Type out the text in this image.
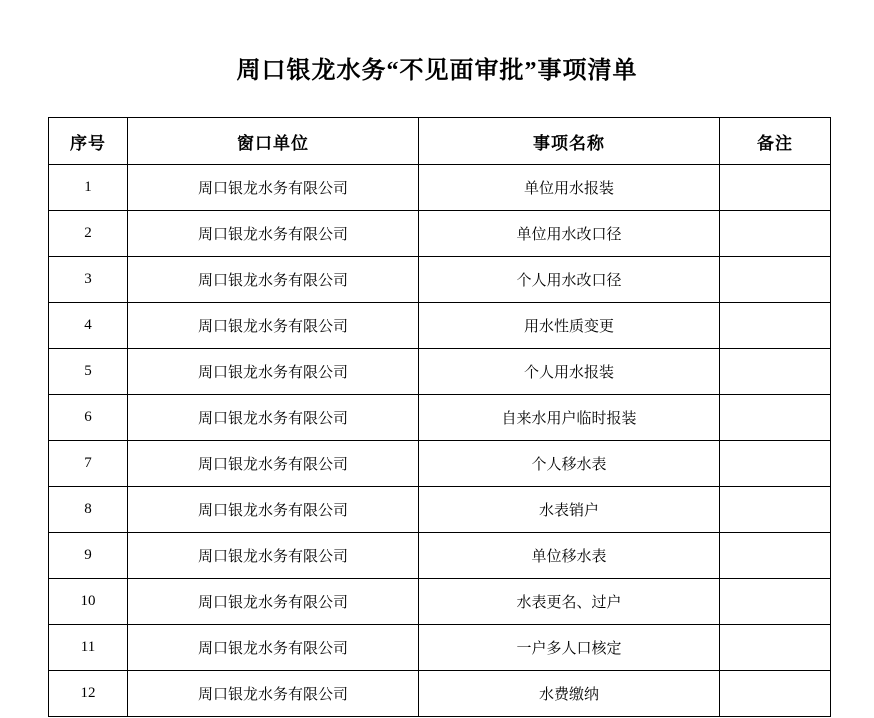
周口银龙水务“不见面审批”事项清单
序号	窗口单位	事项名称	备注
1	周口银龙水务有限公司	单位用水报装	
2	周口银龙水务有限公司	单位用水改口径	
3	周口银龙水务有限公司	个人用水改口径	
4	周口银龙水务有限公司	用水性质变更	
5	周口银龙水务有限公司	个人用水报装	
6	周口银龙水务有限公司	自来水用户临时报装	
7	周口银龙水务有限公司	个人移水表	
8	周口银龙水务有限公司	水表销户	
9	周口银龙水务有限公司	单位移水表	
10	周口银龙水务有限公司	水表更名、过户	
11	周口银龙水务有限公司	一户多人口核定	
12	周口银龙水务有限公司	水费缴纳	
